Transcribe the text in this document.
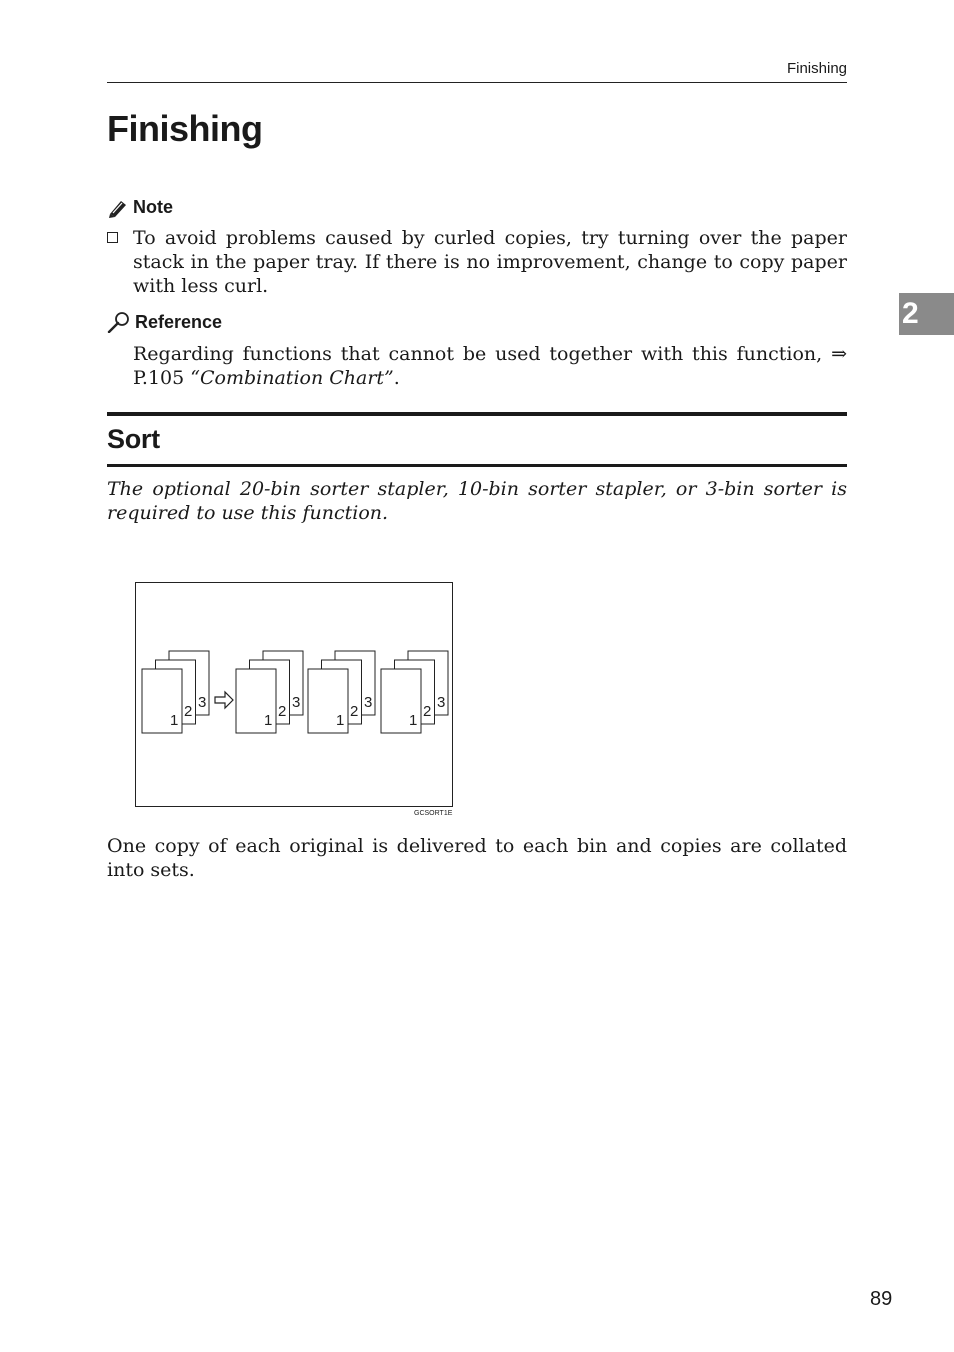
Finishing
Finishing
Note
To avoid problems caused by curled copies, try turning over the paper stack in the paper tray. If there is no improvement, change to copy paper with less curl.
Reference
Regarding functions that cannot be used together with this function, ⇒ P.105 “Combination Chart”.
Sort
The optional 20-bin sorter stapler, 10-bin sorter stapler, or 3-bin sorter is required to use this function.
1
2
3
1
2
3
1
2
3
1
2
3
GCSORT1E
One copy of each original is delivered to each bin and copies are collated into sets.
2
89
